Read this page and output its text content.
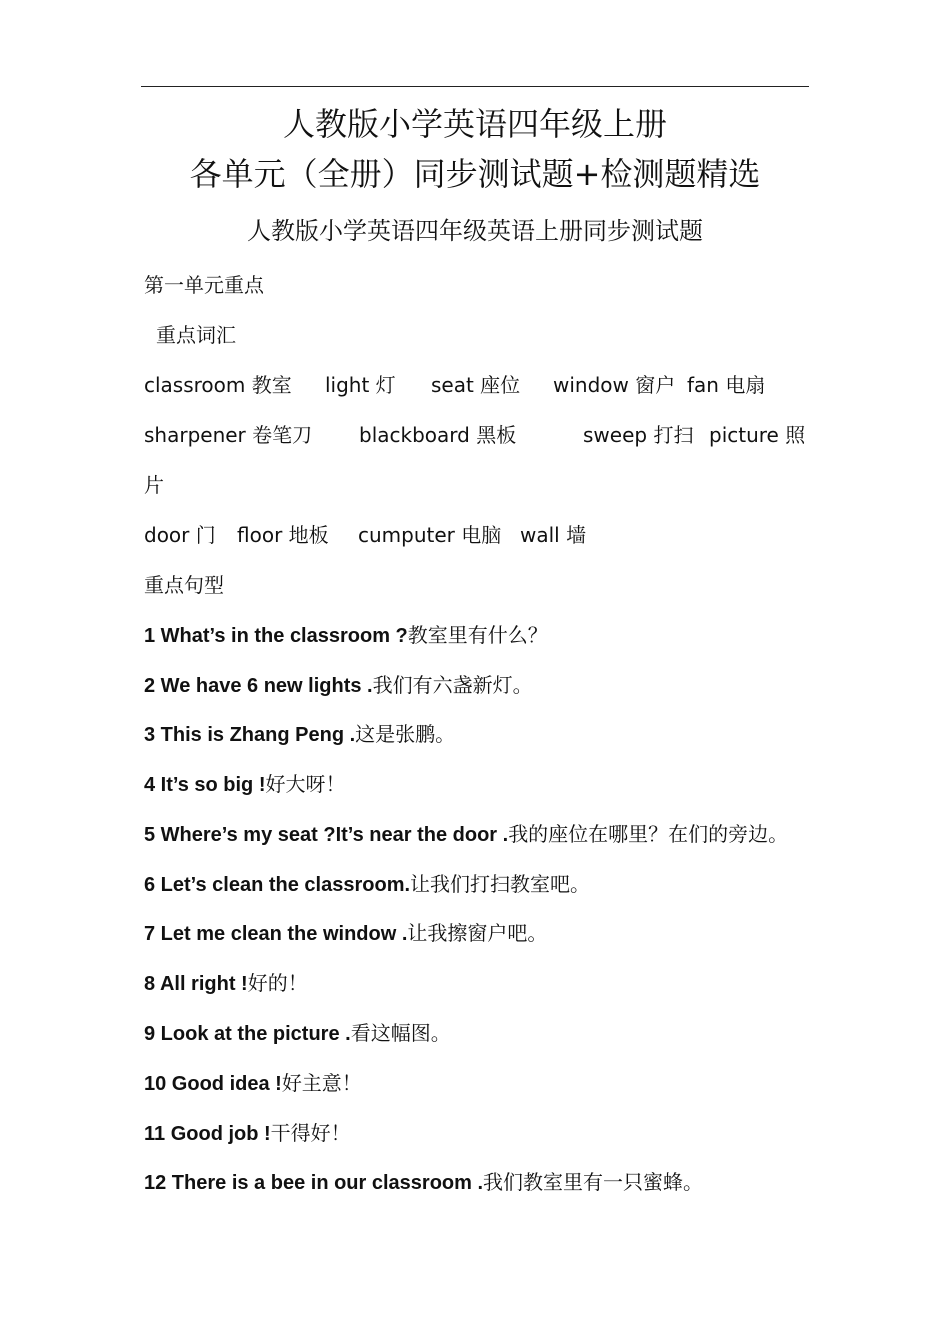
人教版小学英语四年级上册
各单元（全册）同步测试题+检测题精选
人教版小学英语四年级英语上册同步测试题
第一单元重点
重点词汇
classroom 教室 light 灯 seat 座位 window 窗户 fan 电扇
sharpener 卷笔刀 blackboard 黑板	sweep 打扫 picture 照
片
door 门 floor 地板 cumputer 电脑 wall 墙
重点句型
1 What’s in the classroom ?教室里有什么？
2 We have 6 new lights .我们有六盏新灯。
3 This is Zhang Peng .这是张鹏。
4 It’s so big !好大呀！
5 Where’s my seat ?It’s near the door .我的座位在哪里？在们的旁边。
6 Let’s clean the classroom.让我们打扫教室吧。
7 Let me clean the window .让我擦窗户吧。
8 All right !好的！
9 Look at the picture .看这幅图。
10 Good idea !好主意！
11 Good job !干得好！
12 There is a bee in our classroom .我们教室里有一只蜜蜂。
